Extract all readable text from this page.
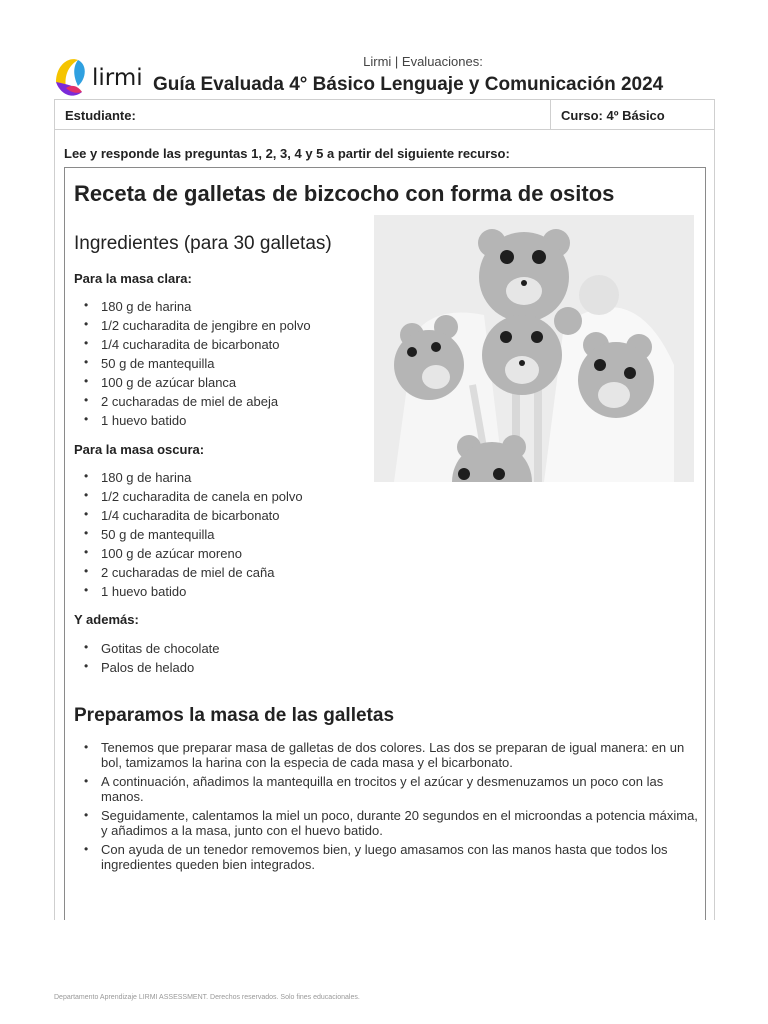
lirmi
Lirmi | Evaluaciones:
Guía Evaluada 4° Básico Lenguaje y Comunicación 2024
Estudiante:	Curso: 4º Básico
Lee y responde las preguntas 1, 2, 3, 4 y 5 a partir del siguiente recurso:
Receta de galletas de bizcocho con forma de ositos
Ingredientes (para 30 galletas)
Para la masa clara:
• 180 g de harina
• 1/2 cucharadita de jengibre en polvo
• 1/4 cucharadita de bicarbonato
• 50 g de mantequilla
• 100 g de azúcar blanca
• 2 cucharadas de miel de abeja
• 1 huevo batido
Para la masa oscura:
• 180 g de harina
• 1/2 cucharadita de canela en polvo
• 1/4 cucharadita de bicarbonato
• 50 g de mantequilla
• 100 g de azúcar moreno
• 2 cucharadas de miel de caña
• 1 huevo batido
Y además:
• Gotitas de chocolate
• Palos de helado
Preparamos la masa de las galletas
• Tenemos que preparar masa de galletas de dos colores. Las dos se preparan de igual manera: en un bol, tamizamos la harina con la especia de cada masa y el bicarbonato.
• A continuación, añadimos la mantequilla en trocitos y el azúcar y desmenuzamos un poco con las manos.
• Seguidamente, calentamos la miel un poco, durante 20 segundos en el microondas a potencia máxima, y añadimos a la masa, junto con el huevo batido.
• Con ayuda de un tenedor removemos bien, y luego amasamos con las manos hasta que todos los ingredientes queden bien integrados.
Departamento Aprendizaje LIRMI ASSESSMENT. Derechos reservados. Solo fines educacionales.
